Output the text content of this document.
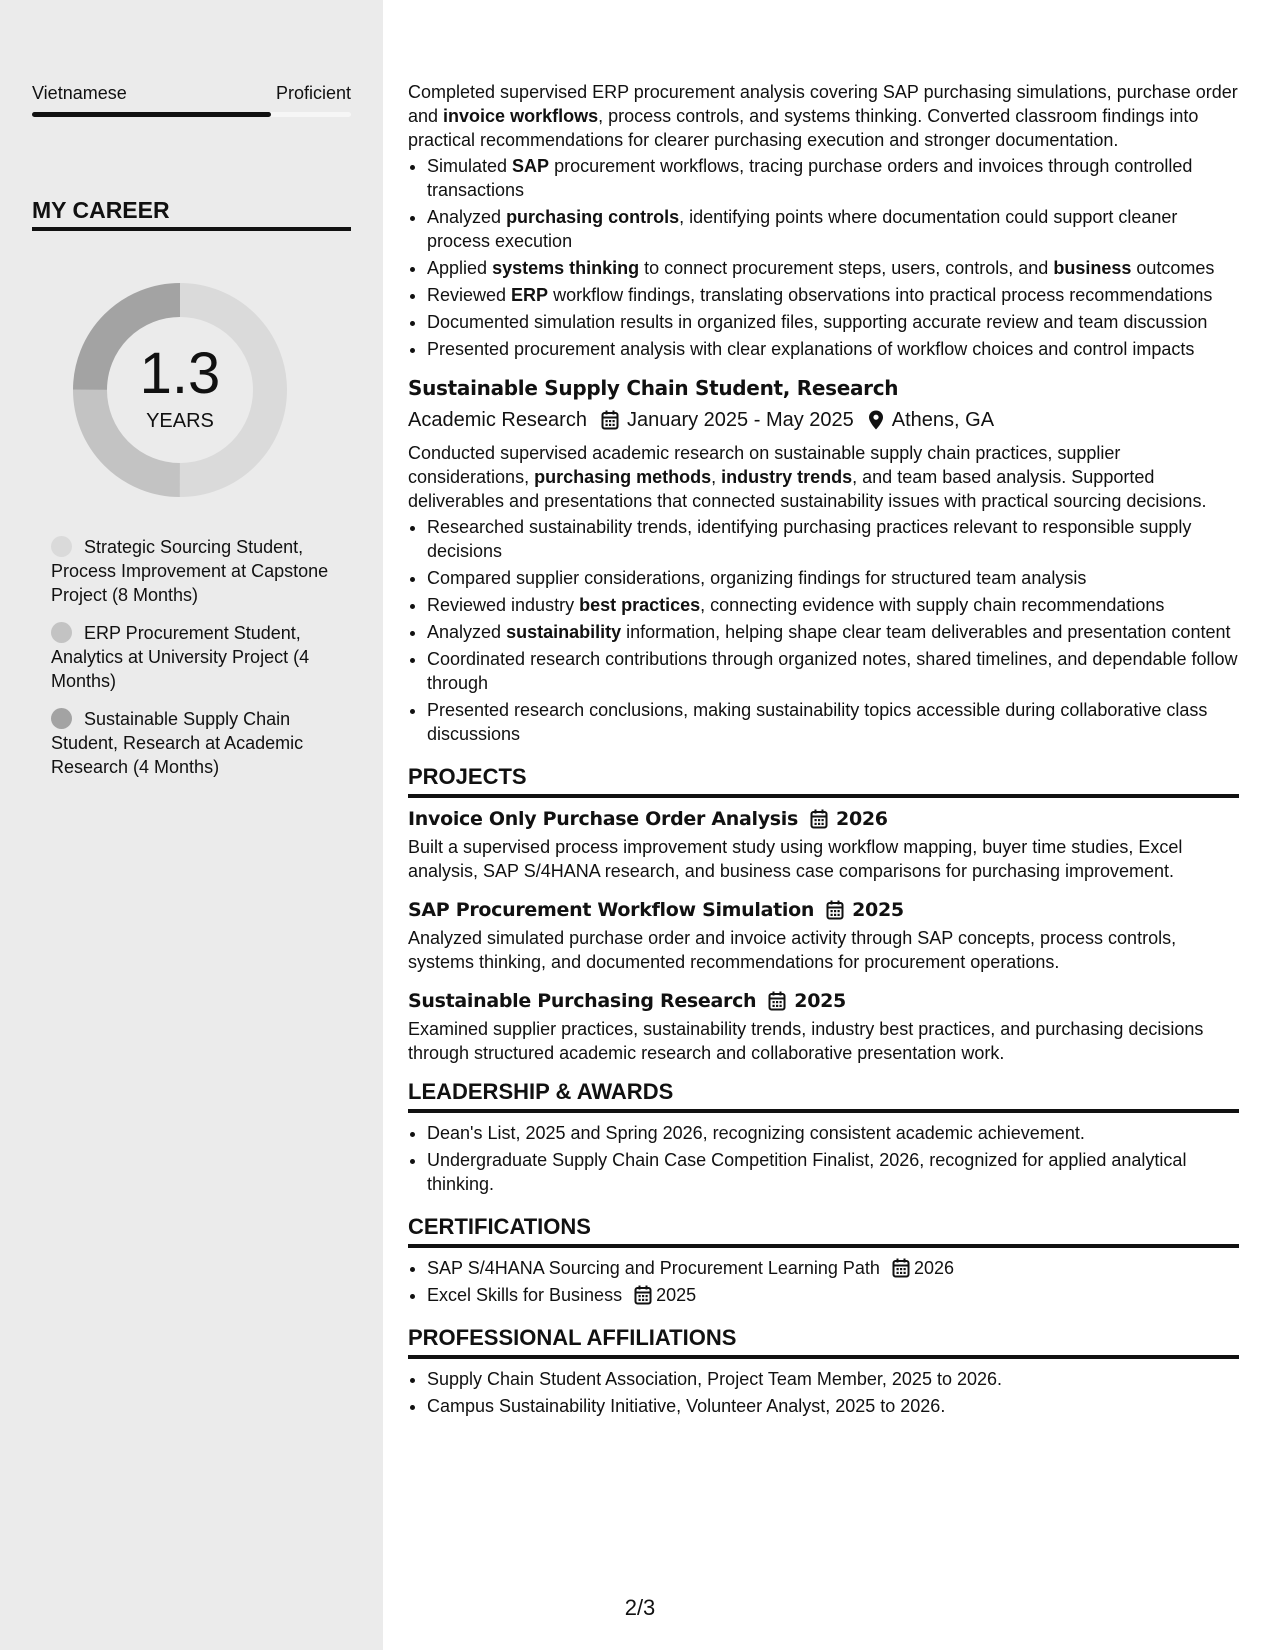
Vietnamese	Proficient
MY CAREER
1.3
YEARS
Strategic Sourcing Student, Process Improvement at Capstone Project (8 Months)
ERP Procurement Student, Analytics at University Project (4 Months)
Sustainable Supply Chain Student, Research at Academic Research (4 Months)

Completed supervised ERP procurement analysis covering SAP purchasing simulations, purchase order and invoice workflows, process controls, and systems thinking. Converted classroom findings into practical recommendations for clearer purchasing execution and stronger documentation.

• Simulated SAP procurement workflows, tracing purchase orders and invoices through controlled transactions
• Analyzed purchasing controls, identifying points where documentation could support cleaner process execution
• Applied systems thinking to connect procurement steps, users, controls, and business outcomes
• Reviewed ERP workflow findings, translating observations into practical process recommendations
• Documented simulation results in organized files, supporting accurate review and team discussion
• Presented procurement analysis with clear explanations of workflow choices and control impacts
Sustainable Supply Chain Student, Research
Academic Research January 2025 - May 2025 Athens, GA

Conducted supervised academic research on sustainable supply chain practices, supplier considerations, purchasing methods, industry trends, and team based analysis. Supported deliverables and presentations that connected sustainability issues with practical sourcing decisions.

• Researched sustainability trends, identifying purchasing practices relevant to responsible supply decisions
• Compared supplier considerations, organizing findings for structured team analysis
• Reviewed industry best practices, connecting evidence with supply chain recommendations
• Analyzed sustainability information, helping shape clear team deliverables and presentation content
• Coordinated research contributions through organized notes, shared timelines, and dependable follow through
• Presented research conclusions, making sustainability topics accessible during collaborative class discussions
PROJECTS
Invoice Only Purchase Order Analysis 2026

Built a supervised process improvement study using workflow mapping, buyer time studies, Excel analysis, SAP S/4HANA research, and business case comparisons for purchasing improvement.

SAP Procurement Workflow Simulation 2025

Analyzed simulated purchase order and invoice activity through SAP concepts, process controls, systems thinking, and documented recommendations for procurement operations.

Sustainable Purchasing Research 2025

Examined supplier practices, sustainability trends, industry best practices, and purchasing decisions through structured academic research and collaborative presentation work.

LEADERSHIP & AWARDS
• Dean's List, 2025 and Spring 2026, recognizing consistent academic achievement.
• Undergraduate Supply Chain Case Competition Finalist, 2026, recognized for applied analytical thinking.
CERTIFICATIONS
• SAP S/4HANA Sourcing and Procurement Learning Path 2026
• Excel Skills for Business 2025
PROFESSIONAL AFFILIATIONS
• Supply Chain Student Association, Project Team Member, 2025 to 2026.
• Campus Sustainability Initiative, Volunteer Analyst, 2025 to 2026.
2/3
